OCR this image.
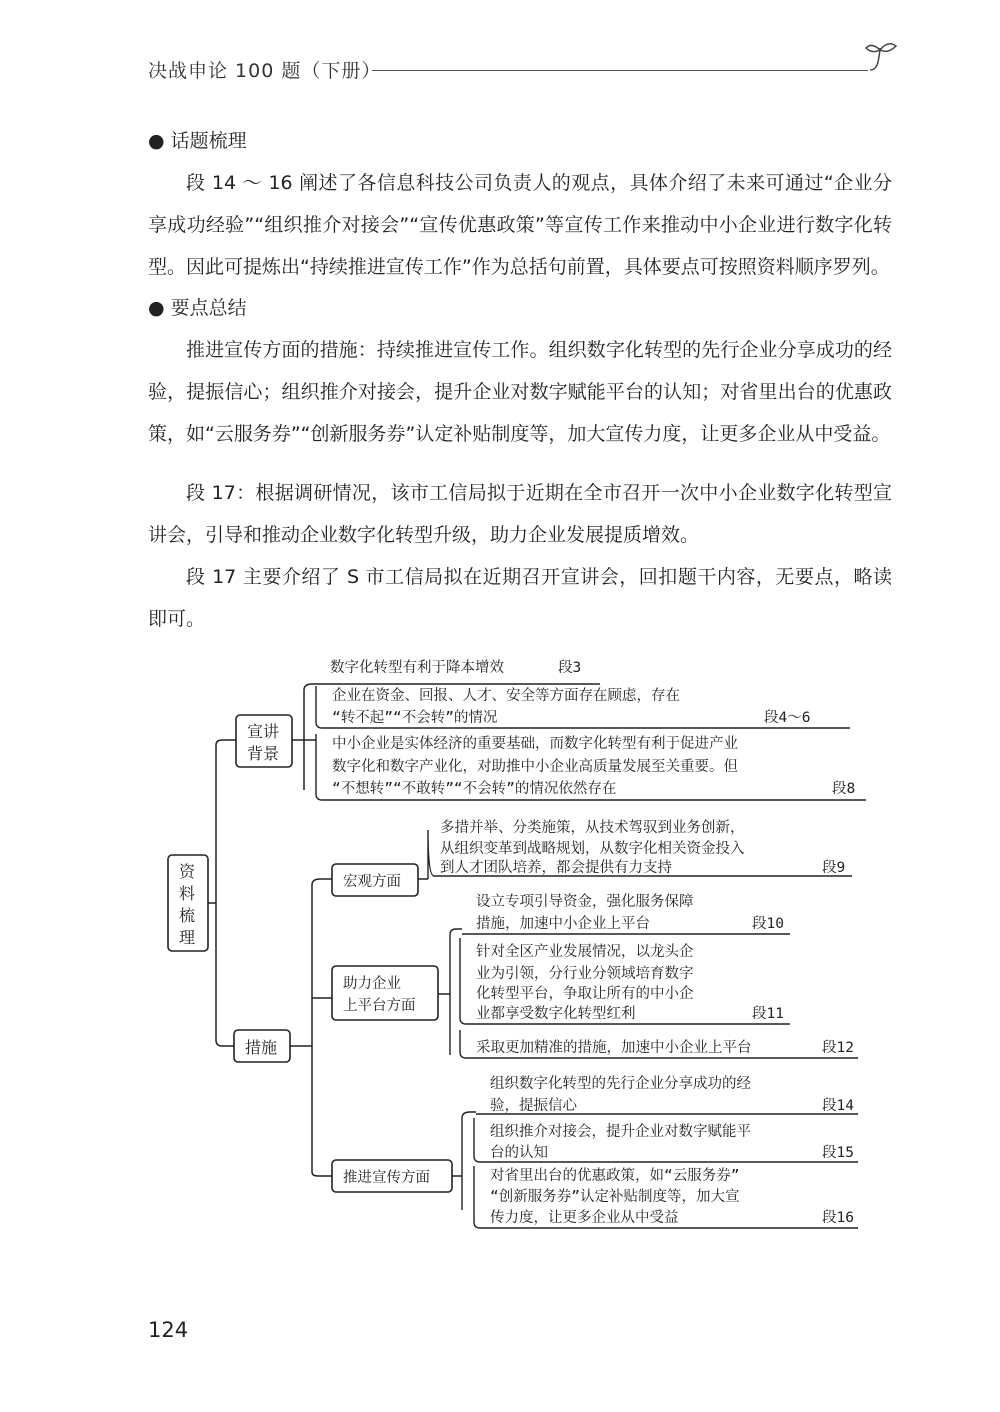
决战申论 100 题（下册）
● 话题梳理
段 14 ～ 16 阐述了各信息科技公司负责人的观点，具体介绍了未来可通过“企业分享成功经验”“组织推介对接会”“宣传优惠政策”等宣传工作来推动中小企业进行数字化转型。因此可提炼出“持续推进宣传工作”作为总括句前置，具体要点可按照资料顺序罗列。
● 要点总结
推进宣传方面的措施：持续推进宣传工作。组织数字化转型的先行企业分享成功的经验，提振信心；组织推介对接会，提升企业对数字赋能平台的认知；对省里出台的优惠政策，如“云服务券”“创新服务券”认定补贴制度等，加大宣传力度，让更多企业从中受益。
段 17：根据调研情况，该市工信局拟于近期在全市召开一次中小企业数字化转型宣讲会，引导和推动企业数字化转型升级，助力企业发展提质增效。
段 17 主要介绍了 S 市工信局拟在近期召开宣讲会，回扣题干内容，无要点，略读即可。
资
料
梳
理
宣讲
背景
数字化转型有利于降本增效	段3
企业在资金、回报、人才、安全等方面存在顾虑，存在
“转不起”“不会转”的情况	段4～6
中小企业是实体经济的重要基础，而数字化转型有利于促进产业
数字化和数字产业化，对助推中小企业高质量发展至关重要。但
“不想转”“不敢转”“不会转”的情况依然存在	段8
措施
宏观方面
多措并举、分类施策，从技术驾驭到业务创新，
从组织变革到战略规划，从数字化相关资金投入
到人才团队培养，都会提供有力支持	段9
助力企业
上平台方面
设立专项引导资金，强化服务保障
措施，加速中小企业上平台	段10
针对全区产业发展情况，以龙头企
业为引领，分行业分领域培育数字
化转型平台，争取让所有的中小企
业都享受数字化转型红利	段11
采取更加精准的措施，加速中小企业上平台	段12
推进宣传方面
组织数字化转型的先行企业分享成功的经
验，提振信心	段14
组织推介对接会，提升企业对数字赋能平
台的认知	段15
对省里出台的优惠政策，如“云服务券”
“创新服务券”认定补贴制度等，加大宣
传力度，让更多企业从中受益	段16
124
